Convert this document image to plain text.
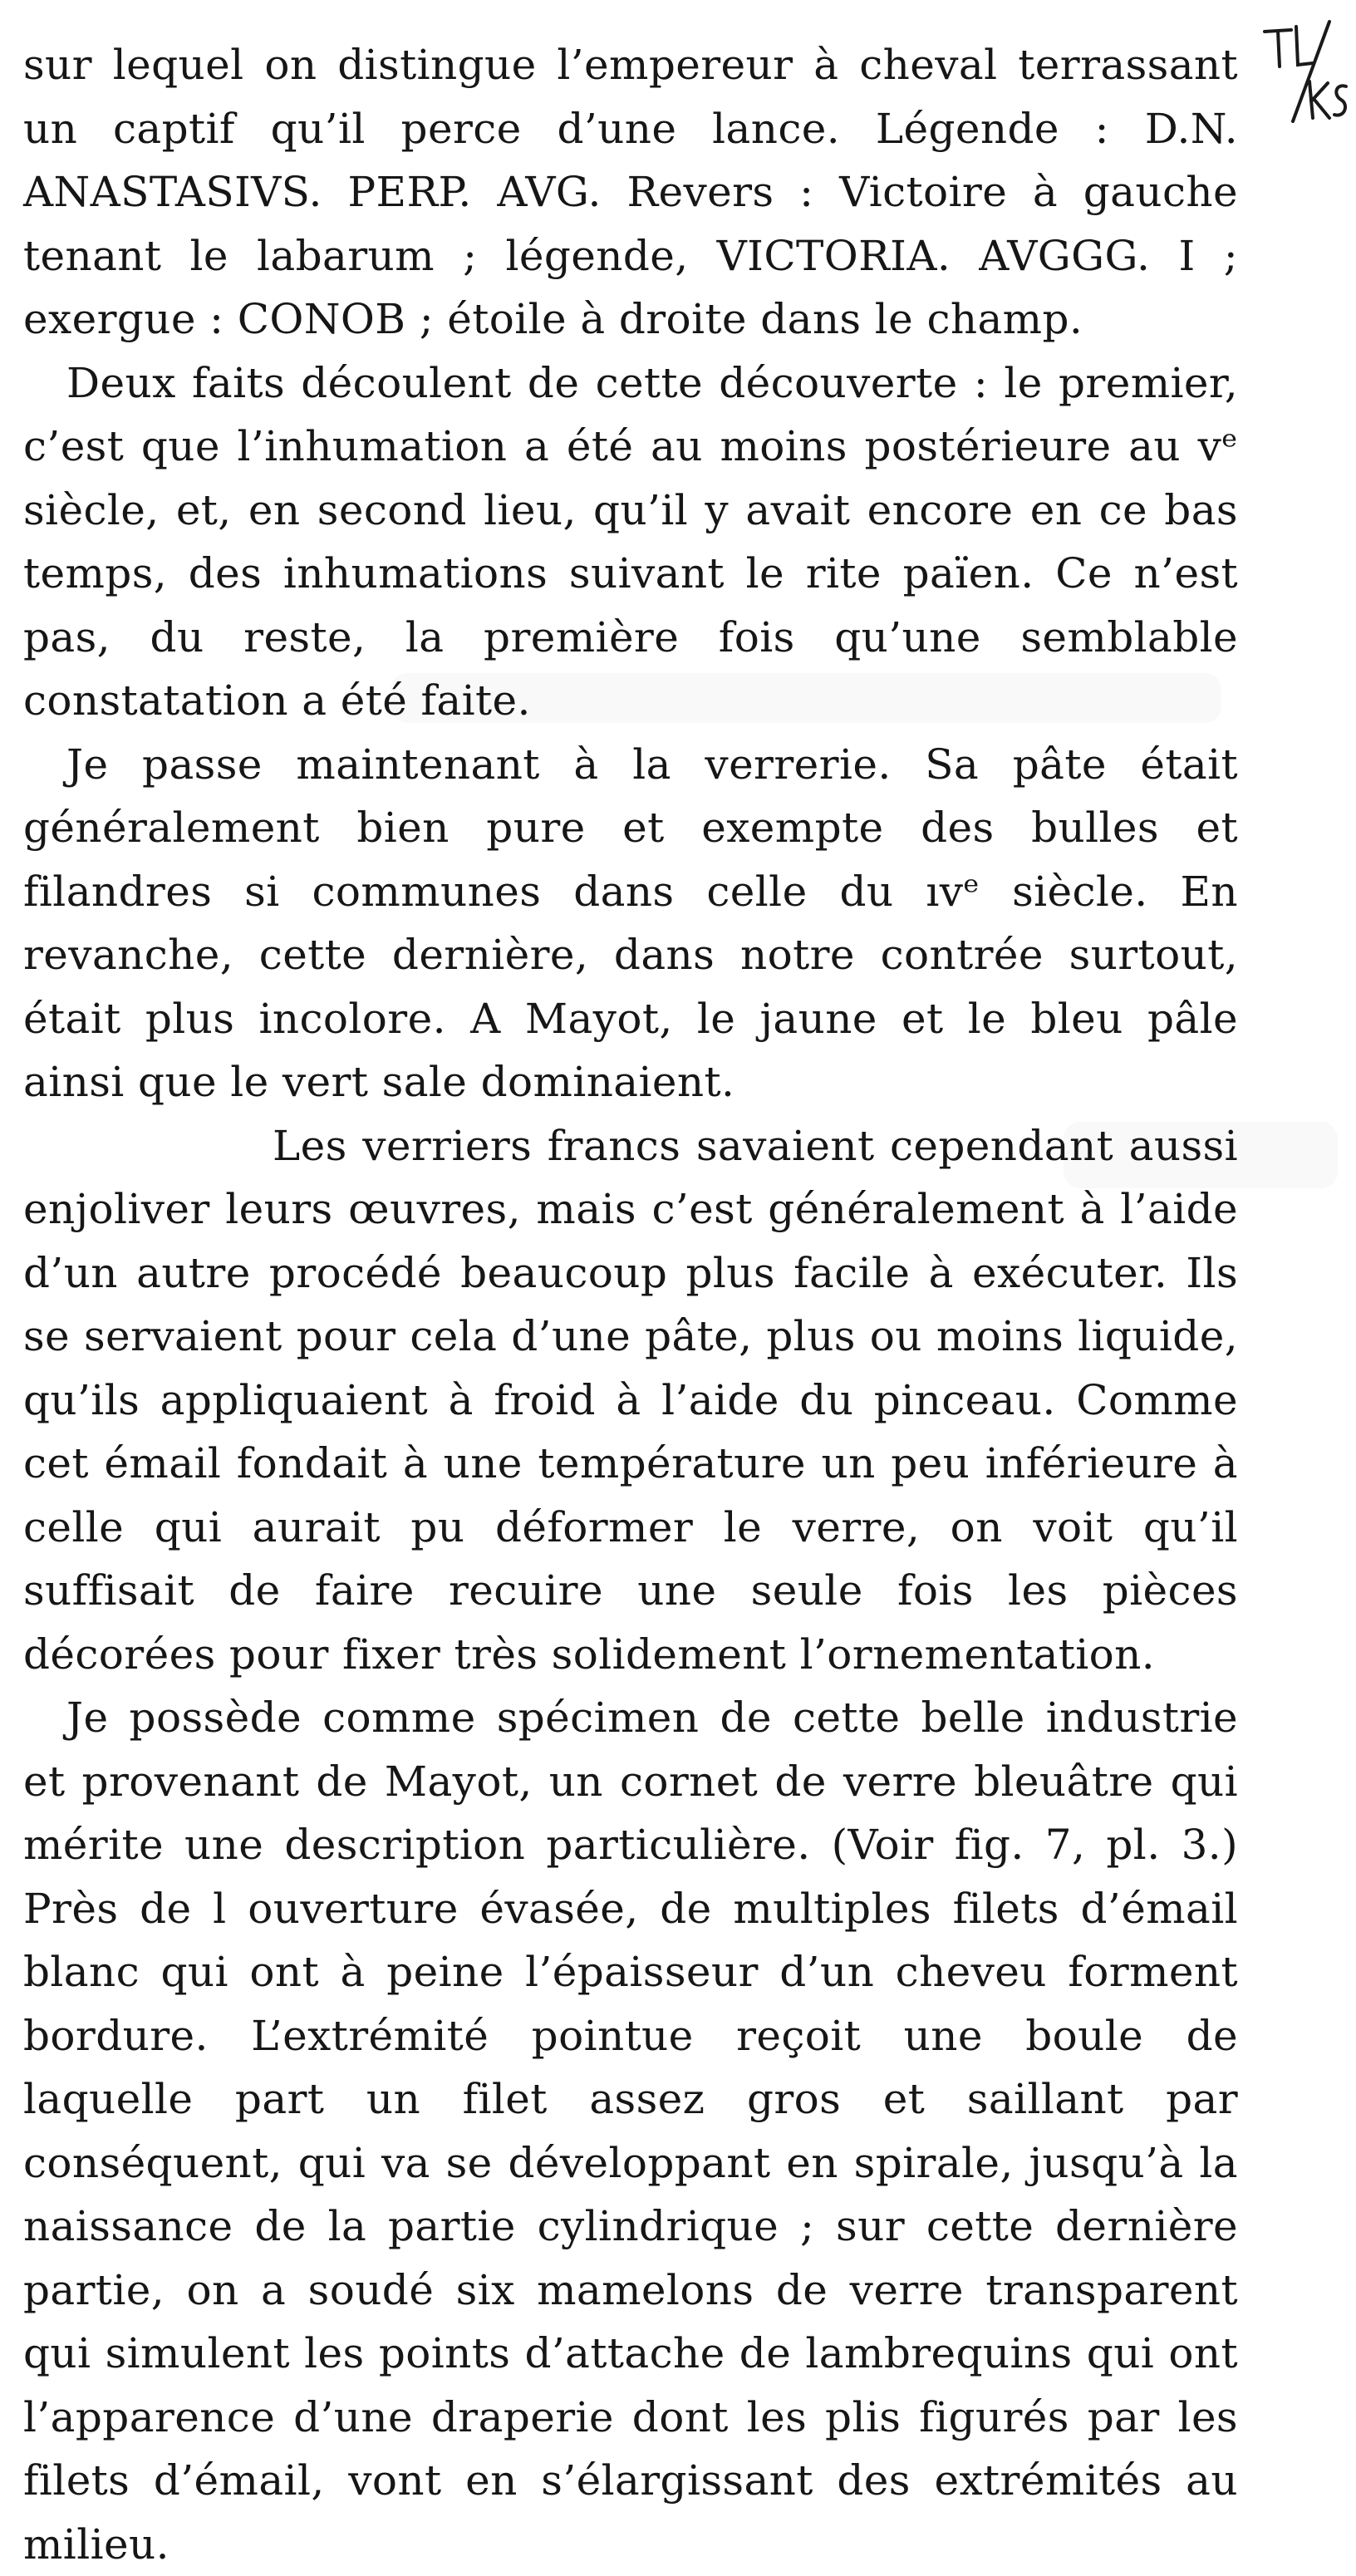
sur lequel on distingue l’empereur à cheval terrassant un captif qu’il perce d’une lance. Légende : D.N. ANASTASIVS. PERP. AVG. Revers : Victoire à gauche tenant le labarum ; légende, VICTORIA. AVGGG. I ; exergue : CONOB ; étoile à droite dans le champ.

Deux faits découlent de cette découverte : le premier, c’est que l’inhumation a été au moins postérieure au vᵉ siècle, et, en second lieu, qu’il y avait encore en ce bas temps, des inhumations suivant le rite païen. Ce n’est pas, du reste, la première fois qu’une semblable constatation a été faite.

Je passe maintenant à la verrerie. Sa pâte était généralement bien pure et exempte des bulles et filandres si communes dans celle du ıvᵉ siècle. En revanche, cette dernière, dans notre contrée surtout, était plus incolore. A Mayot, le jaune et le bleu pâle ainsi que le vert sale dominaient.

Les verriers francs savaient cependant aussi enjoliver leurs œuvres, mais c’est généralement à l’aide d’un autre procédé beaucoup plus facile à exécuter. Ils se servaient pour cela d’une pâte, plus ou moins liquide, qu’ils appliquaient à froid à l’aide du pinceau. Comme cet émail fondait à une température un peu inférieure à celle qui aurait pu déformer le verre, on voit qu’il suffisait de faire recuire une seule fois les pièces décorées pour fixer très solidement l’ornementation.

Je possède comme spécimen de cette belle industrie et provenant de Mayot, un cornet de verre bleuâtre qui mérite une description particulière. (Voir fig. 7, pl. 3.) Près de l ouverture évasée, de multiples filets d’émail blanc qui ont à peine l’épaisseur d’un cheveu forment bordure. L’extrémité pointue reçoit une boule de laquelle part un filet assez gros et saillant par conséquent, qui va se développant en spirale, jusqu’à la naissance de la partie cylindrique ; sur cette dernière partie, on a soudé six mamelons de verre transparent qui simulent les points d’attache de lambrequins qui ont l’apparence d’une draperie dont les plis figurés par les filets d’émail, vont en s’élargissant des extrémités au milieu.
